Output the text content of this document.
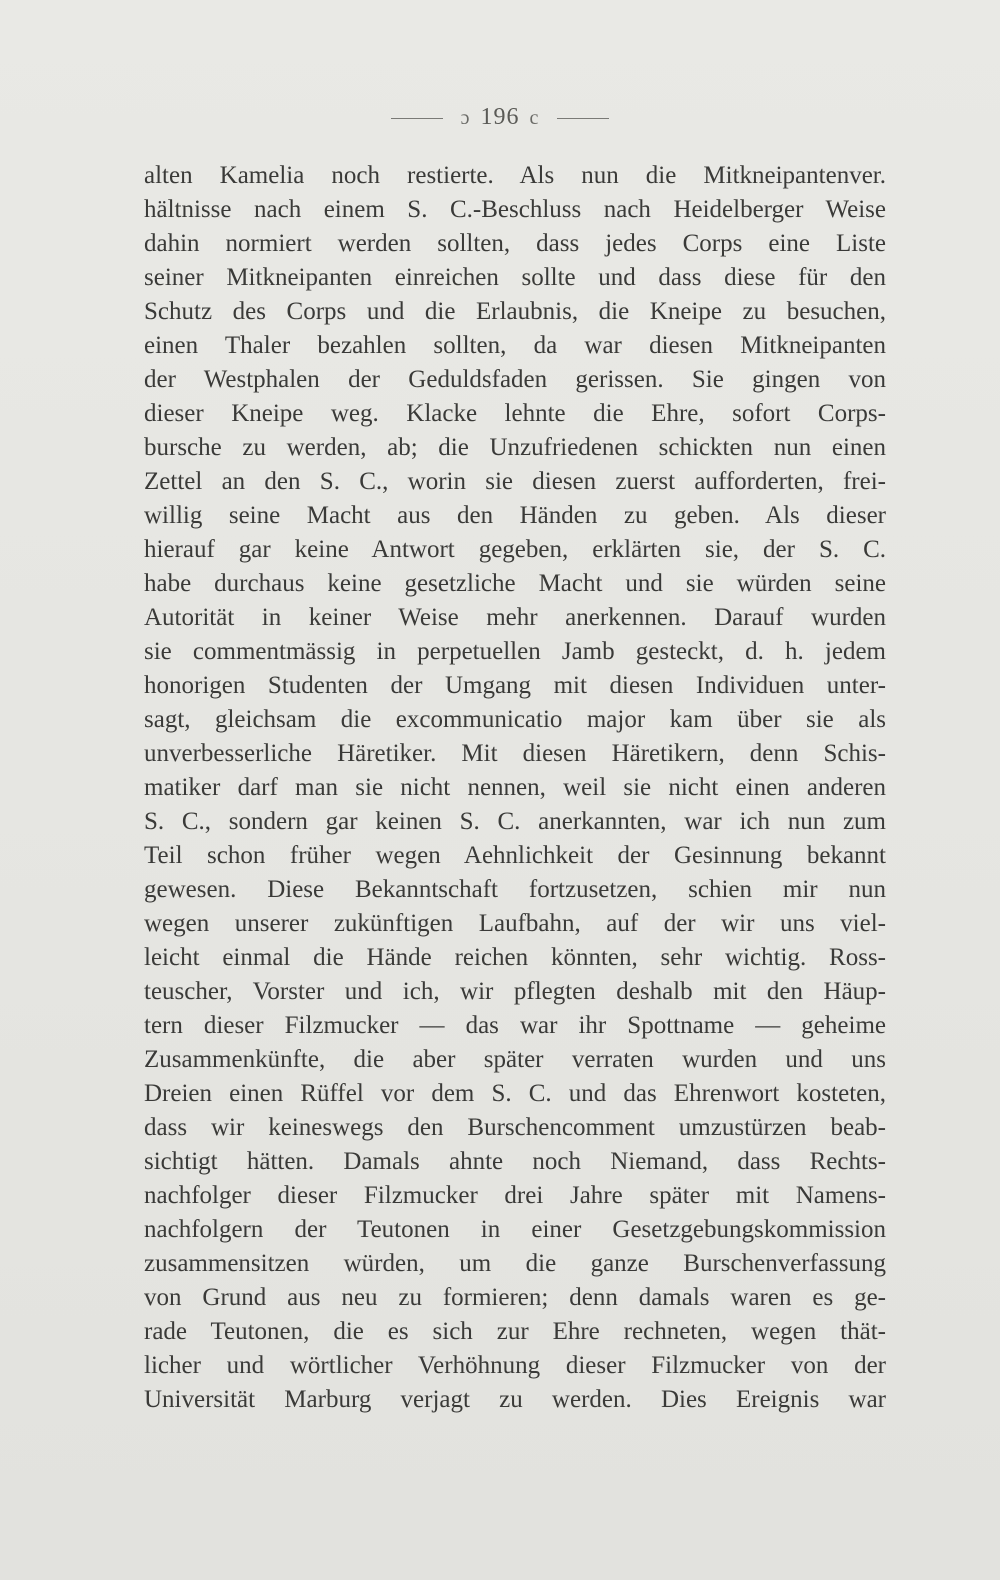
ɔ 196 c
alten Kamelia noch restierte. Als nun die Mitkneipantenver.
hältnisse nach einem S. C.-Beschluss nach Heidelberger Weise
dahin normiert werden sollten, dass jedes Corps eine Liste
seiner Mitkneipanten einreichen sollte und dass diese für den
Schutz des Corps und die Erlaubnis, die Kneipe zu besuchen,
einen Thaler bezahlen sollten, da war diesen Mitkneipanten
der Westphalen der Geduldsfaden gerissen. Sie gingen von
dieser Kneipe weg. Klacke lehnte die Ehre, sofort Corps-
bursche zu werden, ab; die Unzufriedenen schickten nun einen
Zettel an den S. C., worin sie diesen zuerst aufforderten, frei-
willig seine Macht aus den Händen zu geben. Als dieser
hierauf gar keine Antwort gegeben, erklärten sie, der S. C.
habe durchaus keine gesetzliche Macht und sie würden seine
Autorität in keiner Weise mehr anerkennen. Darauf wurden
sie commentmässig in perpetuellen Jamb gesteckt, d. h. jedem
honorigen Studenten der Umgang mit diesen Individuen unter-
sagt, gleichsam die excommunicatio major kam über sie als
unverbesserliche Häretiker. Mit diesen Häretikern, denn Schis-
matiker darf man sie nicht nennen, weil sie nicht einen anderen
S. C., sondern gar keinen S. C. anerkannten, war ich nun zum
Teil schon früher wegen Aehnlichkeit der Gesinnung bekannt
gewesen. Diese Bekanntschaft fortzusetzen, schien mir nun
wegen unserer zukünftigen Laufbahn, auf der wir uns viel-
leicht einmal die Hände reichen könnten, sehr wichtig. Ross-
teuscher, Vorster und ich, wir pflegten deshalb mit den Häup-
tern dieser Filzmucker — das war ihr Spottname — geheime
Zusammenkünfte, die aber später verraten wurden und uns
Dreien einen Rüffel vor dem S. C. und das Ehrenwort kosteten,
dass wir keineswegs den Burschencomment umzustürzen beab-
sichtigt hätten. Damals ahnte noch Niemand, dass Rechts-
nachfolger dieser Filzmucker drei Jahre später mit Namens-
nachfolgern der Teutonen in einer Gesetzgebungskommission
zusammensitzen würden, um die ganze Burschenverfassung
von Grund aus neu zu formieren; denn damals waren es ge-
rade Teutonen, die es sich zur Ehre rechneten, wegen thät-
licher und wörtlicher Verhöhnung dieser Filzmucker von der
Universität Marburg verjagt zu werden. Dies Ereignis war
